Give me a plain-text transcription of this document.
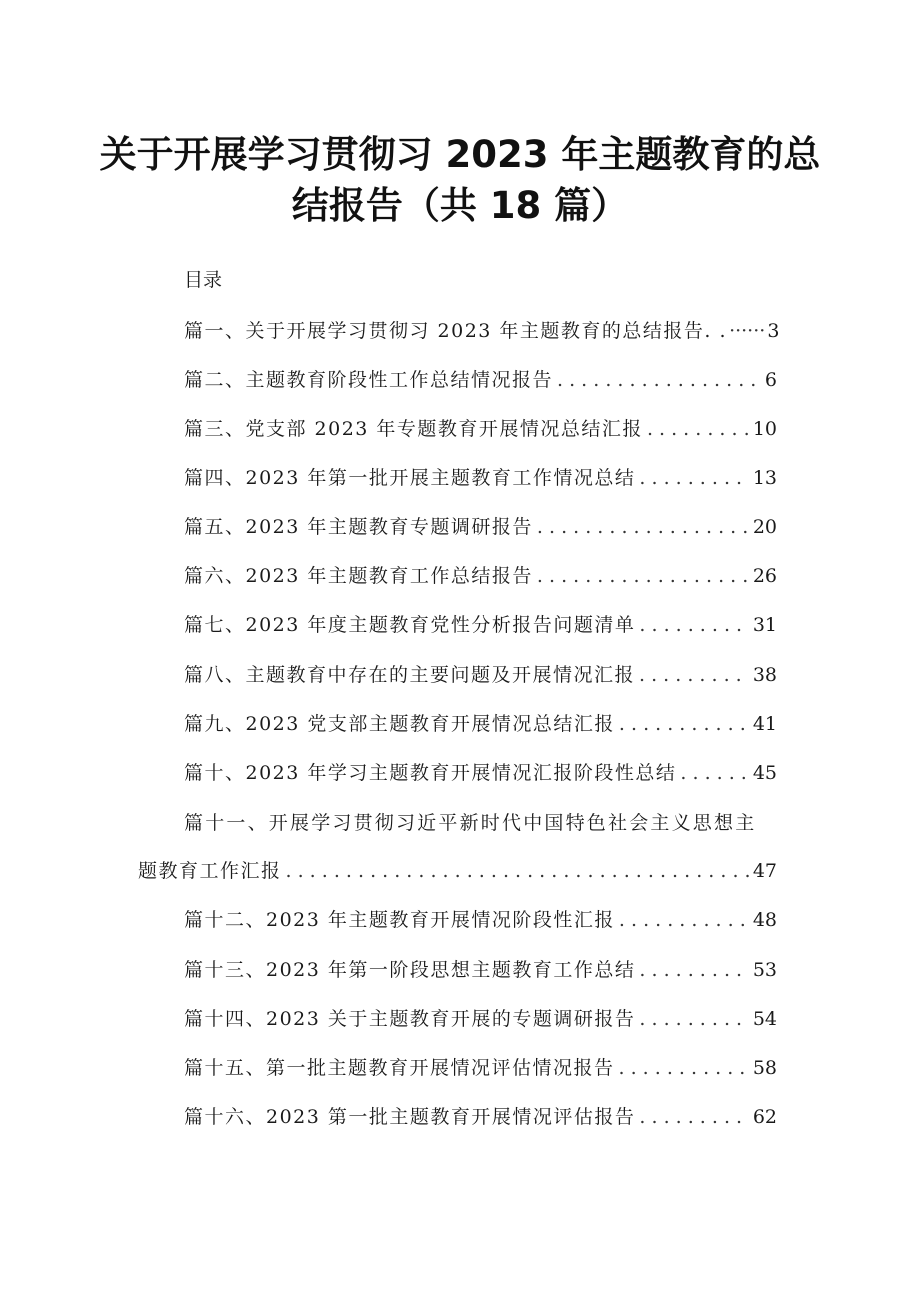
关于开展学习贯彻习 2023 年主题教育的总
结报告（共 18 篇）
目录
篇一、关于开展学习贯彻习 2023 年主题教育的总结报告. . ······ 3
篇二、主题教育阶段性工作总结情况报告 . . .	6
篇三、党支部 2023 年专题教育开展情况总结汇报 . . .	10
篇四、2023 年第一批开展主题教育工作情况总结 . . .	13
篇五、2023 年主题教育专题调研报告 . . .	20
篇六、2023 年主题教育工作总结报告 . . .	26
篇七、2023 年度主题教育党性分析报告问题清单 . . .	31
篇八、主题教育中存在的主要问题及开展情况汇报 . . .	38
篇九、2023 党支部主题教育开展情况总结汇报 . . .	41
篇十、2023 年学习主题教育开展情况汇报阶段性总结 . . .	45
篇十一、开展学习贯彻习近平新时代中国特色社会主义思想主
题教育工作汇报 . . .	47
篇十二、2023 年主题教育开展情况阶段性汇报 . . .	48
篇十三、2023 年第一阶段思想主题教育工作总结 . . .	53
篇十四、2023 关于主题教育开展的专题调研报告 . . .	54
篇十五、第一批主题教育开展情况评估情况报告 . . .	58
篇十六、2023 第一批主题教育开展情况评估报告 . . .	62
